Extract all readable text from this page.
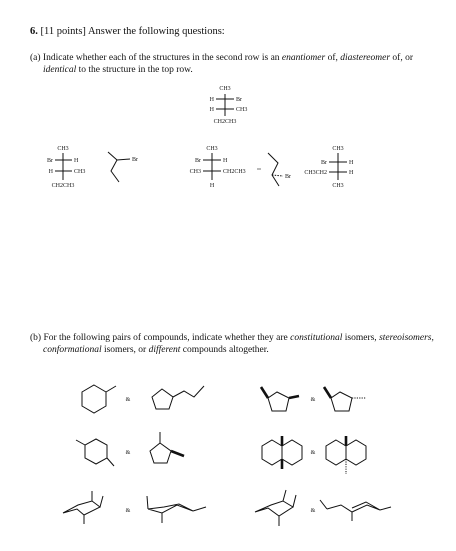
6. [11 points] Answer the following questions:
(a) Indicate whether each of the structures in the second row is an enantiomer of, diastereomer of, or
identical to the structure in the top row.
(b) For the following pairs of compounds, indicate whether they are constitutional isomers, stereoisomers,
conformational isomers, or different compounds altogether.
CH3
H	Br
H	CH3
CH2CH3
CH3
Br	H
H	CH3
CH2CH3
Br
CH3
Br	H
CH3	CH2CH3
H
Br
CH3
Br	H
CH3CH2	H
CH3
&	&
&	&
&	&
